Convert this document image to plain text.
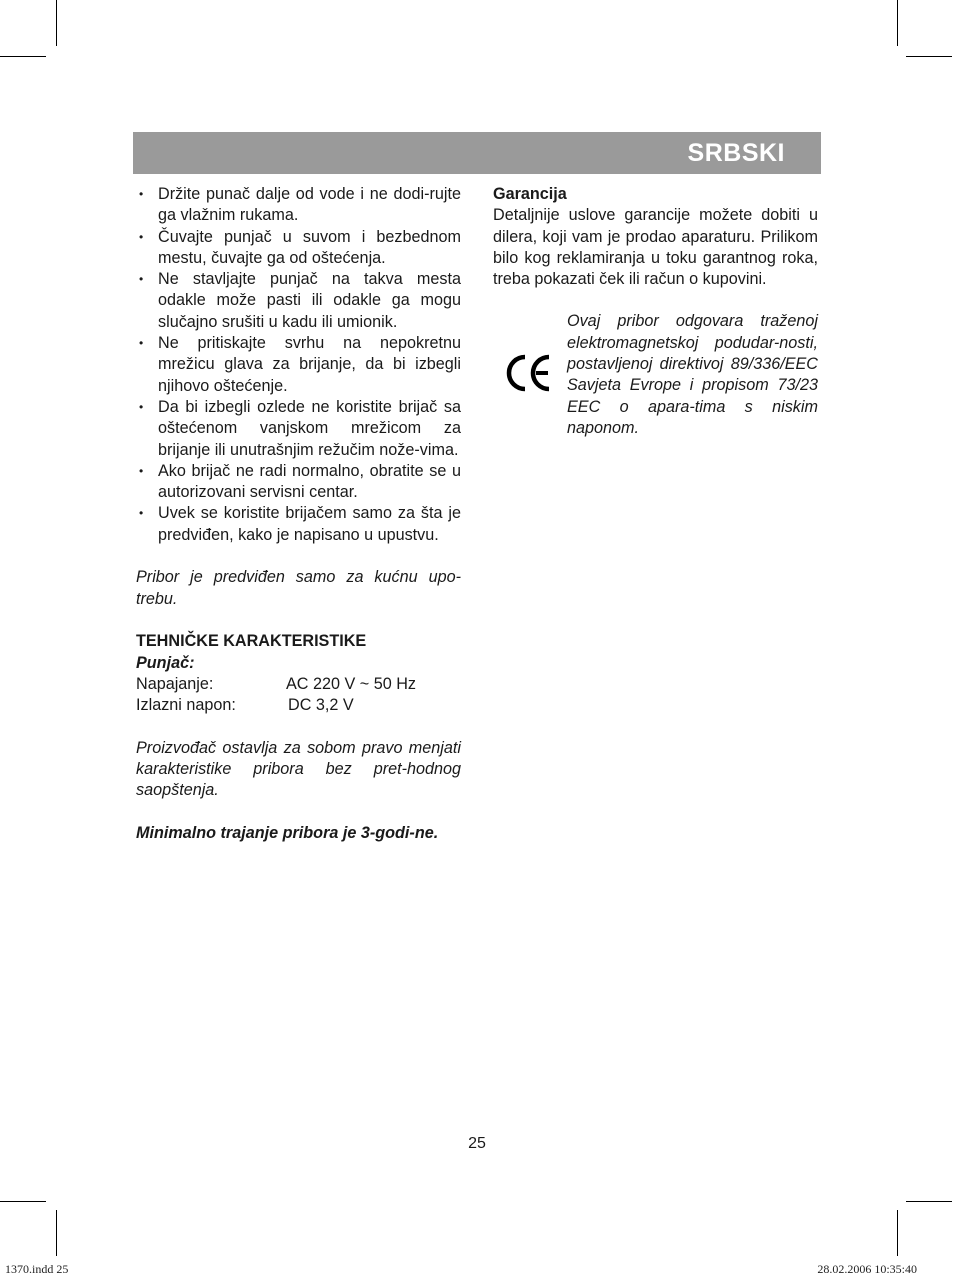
SRBSKI
• Držite punač dalje od vode i ne dodi-rujte ga vlažnim rukama.
• Čuvajte punjač u suvom i bezbednom mestu, čuvajte ga od oštećenja.
• Ne stavljajte punjač na takva mesta odakle može pasti ili odakle ga mogu slučajno srušiti u kadu ili umionik.
• Ne pritiskajte svrhu na nepokretnu mrežicu glava za brijanje, da bi izbegli njihovo oštećenje.
• Da bi izbegli ozlede ne koristite brijač sa oštećenom vanjskom mrežicom za brijanje ili unutrašnjim režučim nože-vima.
• Ako brijač ne radi normalno, obratite se u autorizovani servisni centar.
• Uvek se koristite brijačem samo za šta je predviđen, kako je napisano u upustvu.
Pribor je predviđen samo za kućnu upo-trebu.
TEHNIČKE KARAKTERISTIKE
Punjač:
Napajanje:	AC 220 V ~ 50 Hz
Izlazni napon:	DC 3,2 V
Proizvođač ostavlja za sobom pravo menjati karakteristike pribora bez pret-hodnog saopštenja.
Minimalno trajanje pribora je 3-godi-ne.
Garancija
Detaljnije uslove garancije možete dobiti u dilera, koji vam je prodao aparaturu. Prilikom bilo kog reklamiranja u toku garantnog roka, treba pokazati ček ili račun o kupovini.
Ovaj pribor odgovara traženoj elektromagnetskoj podudar-nosti, postavljenoj direktivoj 89/336/EEC Savjeta Evrope i propisom 73/23 EEC o apara-tima s niskim naponom.
25
1370.indd 25	28.02.2006 10:35:40
